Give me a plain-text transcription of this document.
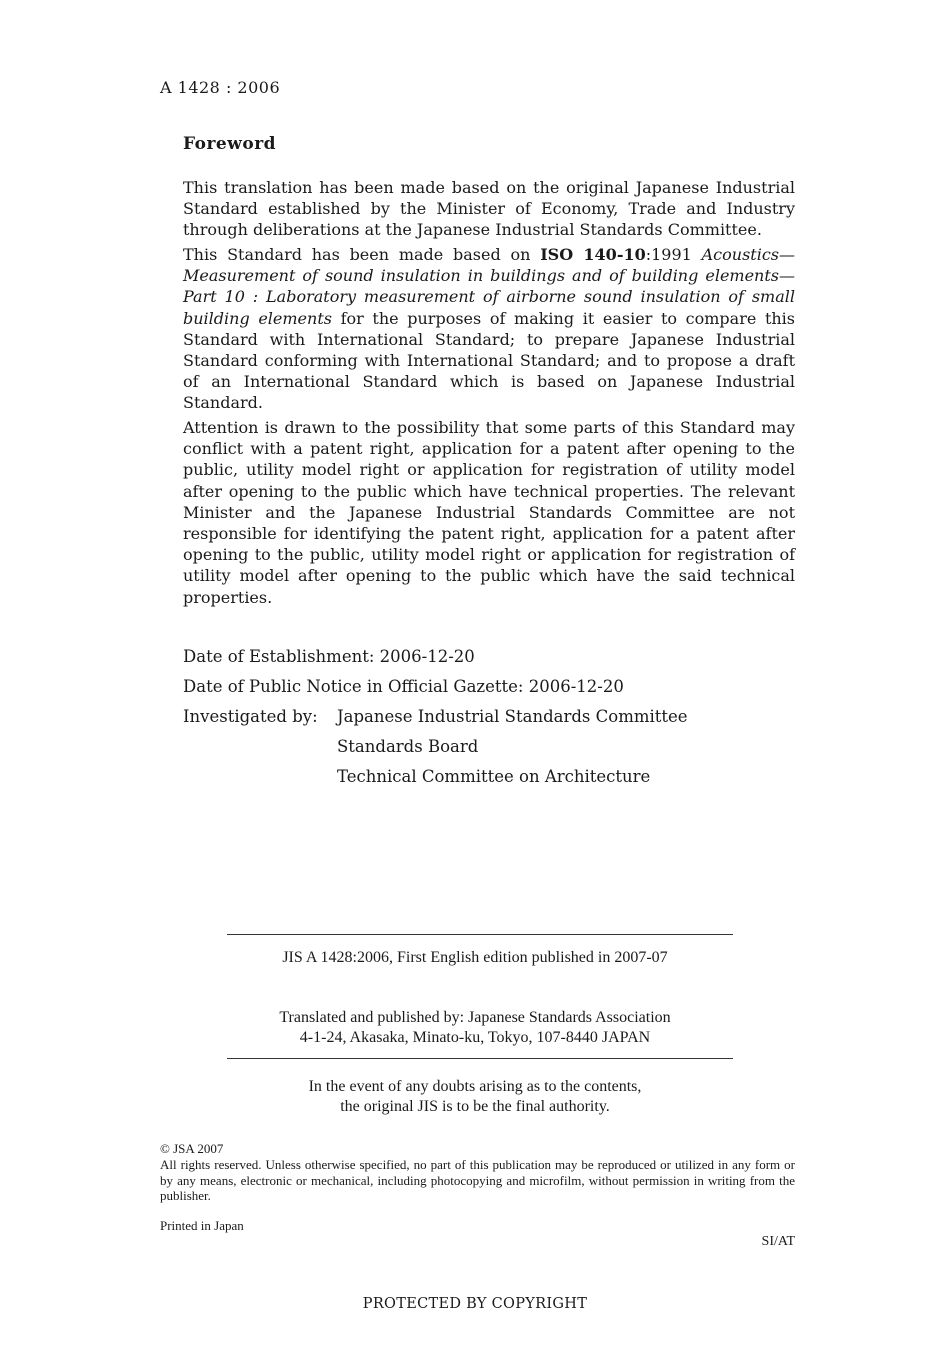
A 1428 : 2006
Foreword
This translation has been made based on the original Japanese Industrial Standard established by the Minister of Economy, Trade and Industry through deliberations at the Japanese Industrial Standards Committee.
This Standard has been made based on ISO 140-10:1991 Acoustics—Measurement of sound insulation in buildings and of building elements—Part 10 : Laboratory measurement of airborne sound insulation of small building elements for the purposes of making it easier to compare this Standard with International Standard; to prepare Japanese Industrial Standard conforming with International Standard; and to propose a draft of an International Standard which is based on Japanese Industrial Standard.
Attention is drawn to the possibility that some parts of this Standard may conflict with a patent right, application for a patent after opening to the public, utility model right or application for registration of utility model after opening to the public which have technical properties. The relevant Minister and the Japanese Industrial Standards Committee are not responsible for identifying the patent right, application for a patent after opening to the public, utility model right or application for registration of utility model after opening to the public which have the said technical properties.
Date of Establishment: 2006-12-20
Date of Public Notice in Official Gazette: 2006-12-20
Investigated by: Japanese Industrial Standards Committee
Standards Board
Technical Committee on Architecture
JIS A 1428:2006, First English edition published in 2007-07
Translated and published by: Japanese Standards Association
4-1-24, Akasaka, Minato-ku, Tokyo, 107-8440 JAPAN
In the event of any doubts arising as to the contents,
the original JIS is to be the final authority.
© JSA 2007
All rights reserved. Unless otherwise specified, no part of this publication may be reproduced or utilized in any form or by any means, electronic or mechanical, including photocopying and microfilm, without permission in writing from the publisher.
Printed in Japan
SI/AT
PROTECTED BY COPYRIGHT
